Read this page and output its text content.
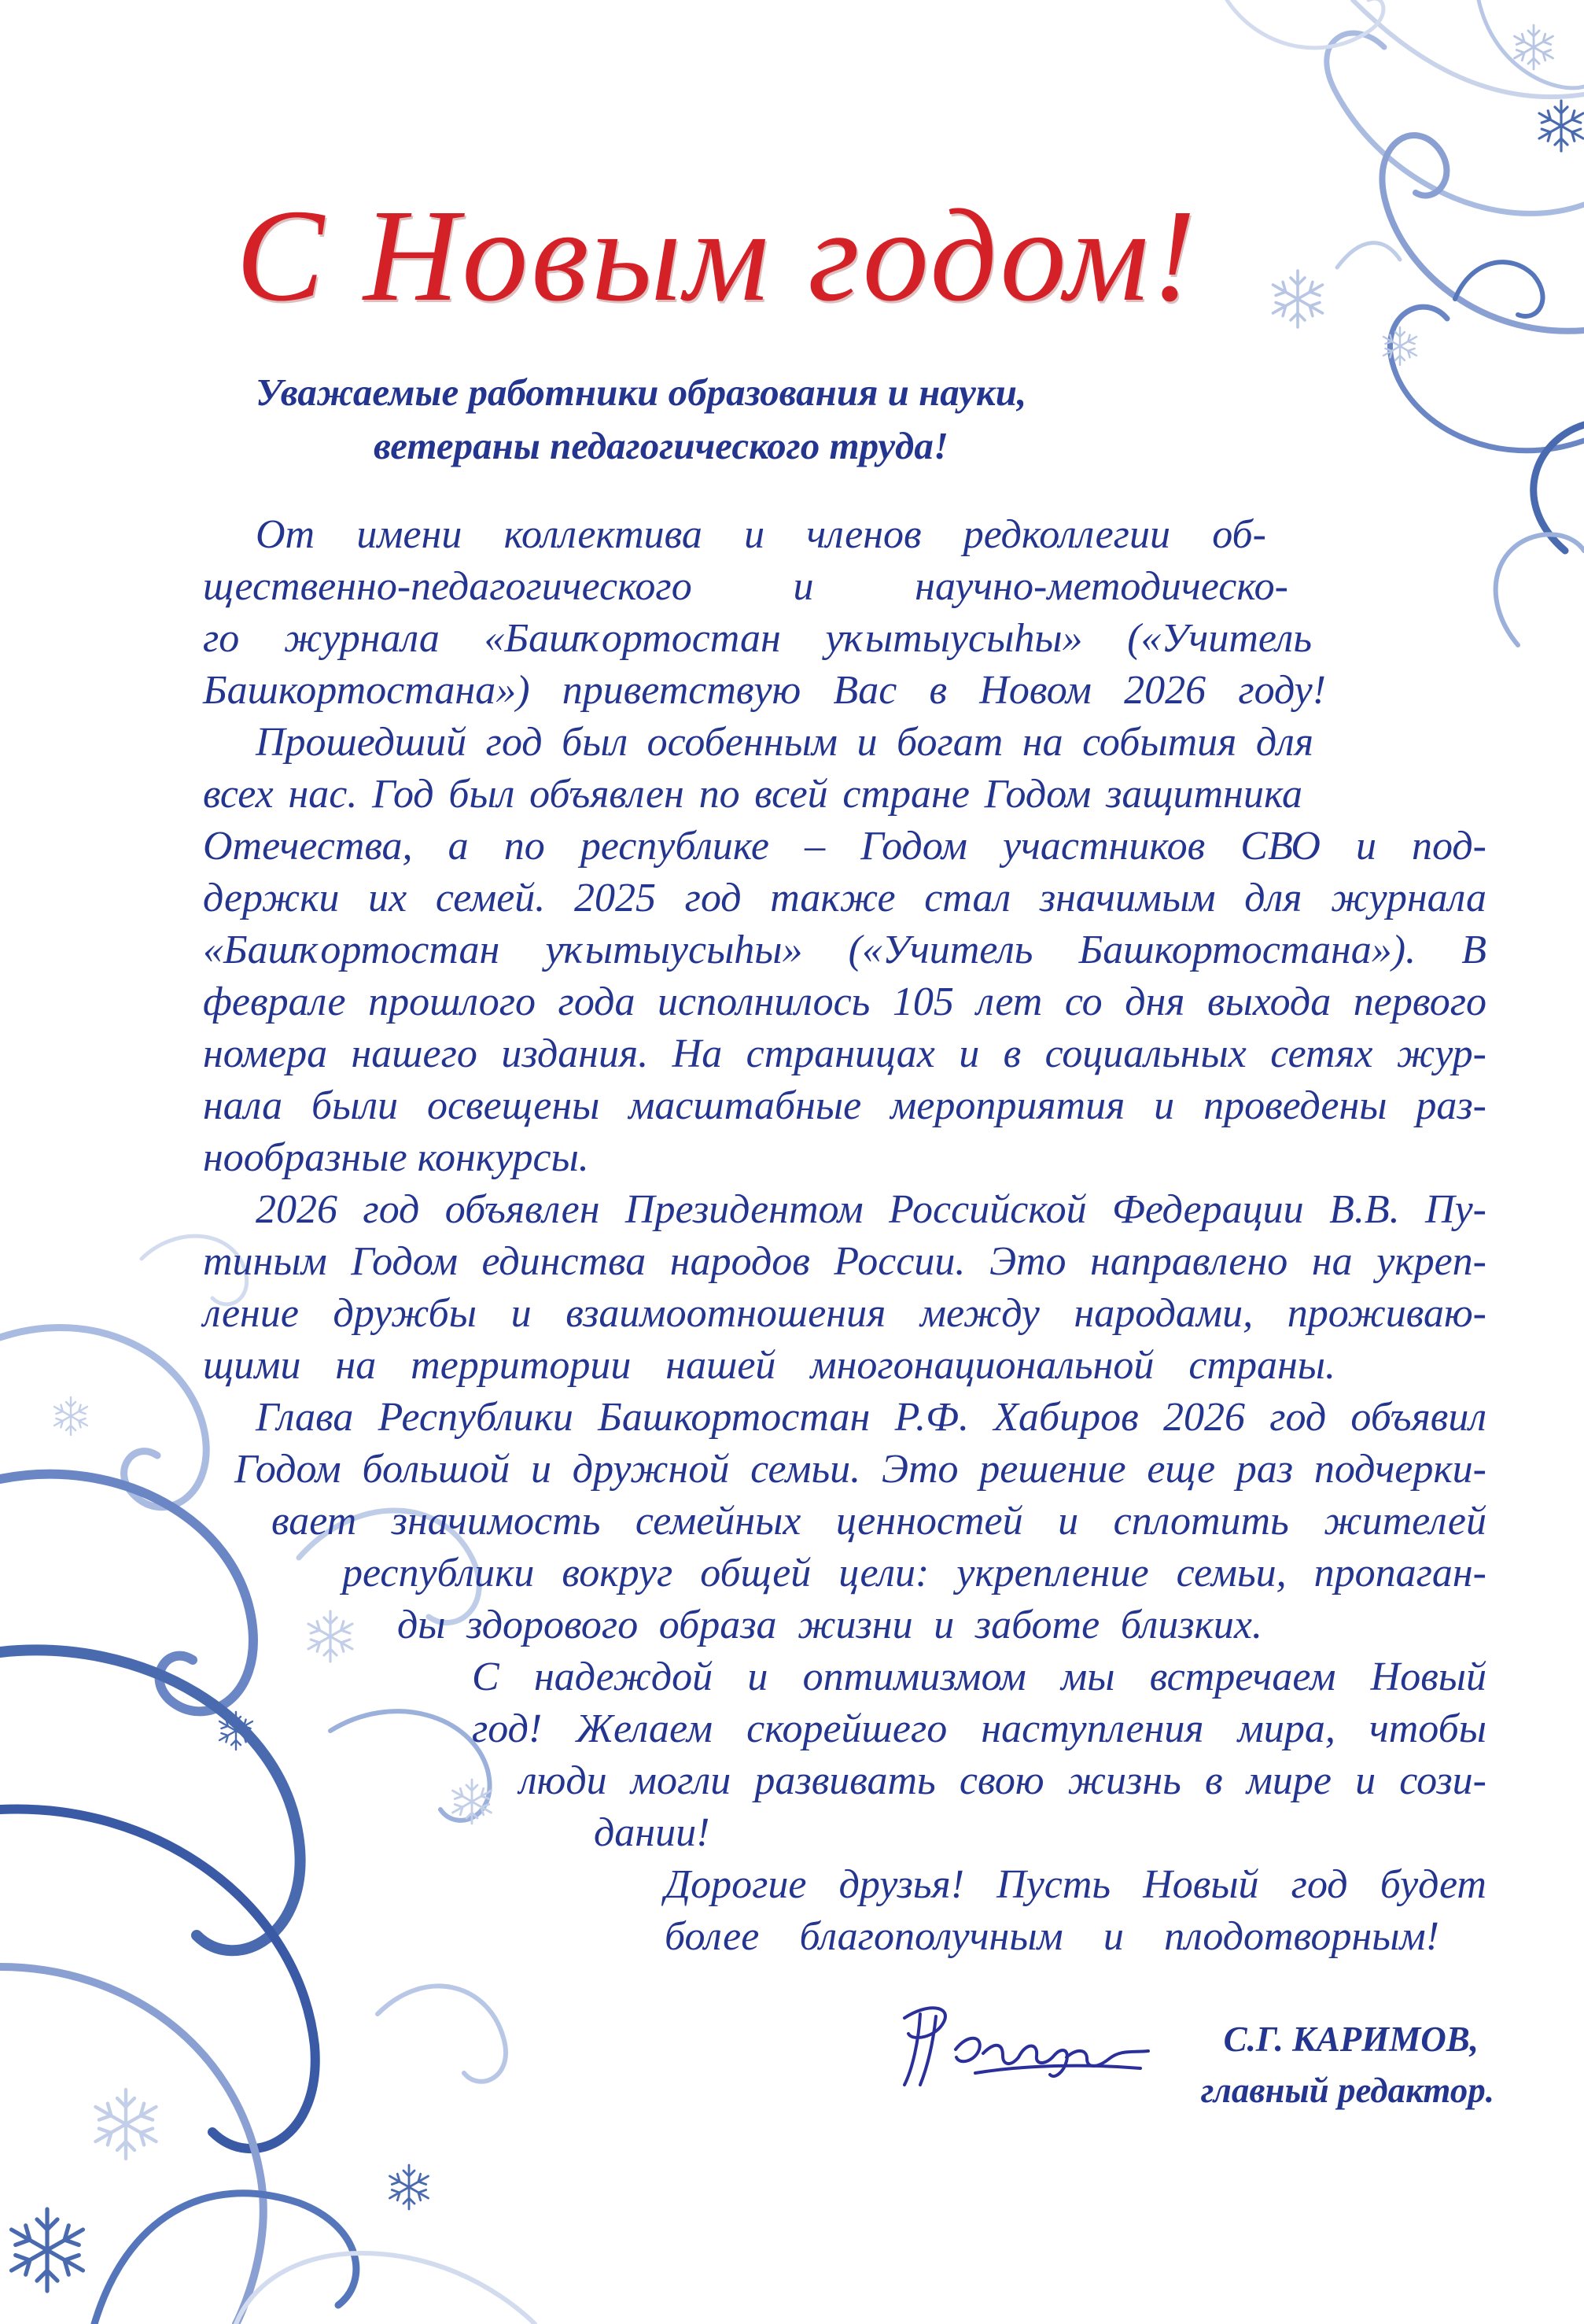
С Новым годом!
Уважаемые работники образования и науки,
ветераны педагогического труда!
От имени коллектива и членов редколлегии об-
щественно-педагогического и научно-методическо-
го журнала «Башҡортостан уҡытыусыһы» («Учитель
Башкортостана») приветствую Вас в Новом 2026 году!
Прошедший год был особенным и богат на события для
всех нас. Год был объявлен по всей стране Годом защитника
Отечества, а по республике – Годом участников СВО и под-
держки их семей. 2025 год также стал значимым для журнала
«Башҡортостан уҡытыусыһы» («Учитель Башкортостана»). В
феврале прошлого года исполнилось 105 лет со дня выхода первого
номера нашего издания. На страницах и в социальных сетях жур-
нала были освещены масштабные мероприятия и проведены раз-
нообразные конкурсы.
2026 год объявлен Президентом Российской Федерации В.В. Пу-
тиным Годом единства народов России. Это направлено на укреп-
ление дружбы и взаимоотношения между народами, проживаю-
щими на территории нашей многонациональной страны.
Глава Республики Башкортостан Р.Ф. Хабиров 2026 год объявил
Годом большой и дружной семьи. Это решение еще раз подчерки-
вает значимость семейных ценностей и сплотить жителей
республики вокруг общей цели: укрепление семьи, пропаган-
ды здорового образа жизни и заботе близких.
С надеждой и оптимизмом мы встречаем Новый
год! Желаем скорейшего наступления мира, чтобы
люди могли развивать свою жизнь в мире и сози-
дании!
Дорогие друзья! Пусть Новый год будет
более благополучным и плодотворным!
С.Г. КАРИМОВ,
главный редактор.
